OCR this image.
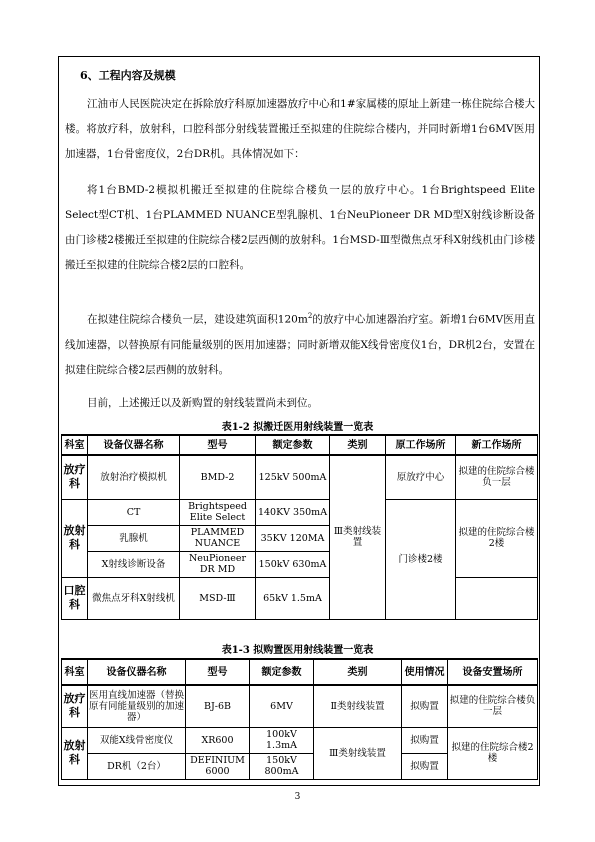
6、工程内容及规模
江油市人民医院决定在拆除放疗科原加速器放疗中心和1#家属楼的原址上新建一栋住院综合楼大楼。将放疗科，放射科，口腔科部分射线装置搬迁至拟建的住院综合楼内，并同时新增1台6MV医用加速器，1台骨密度仪，2台DR机。具体情况如下：
将1台BMD-2模拟机搬迁至拟建的住院综合楼负一层的放疗中心。1台Brightspeed Elite Select型CT机、1台PLAMMED NUANCE型乳腺机、1台NeuPioneer DR MD型X射线诊断设备由门诊楼2楼搬迁至拟建的住院综合楼2层西侧的放射科。1台MSD-Ⅲ型微焦点牙科X射线机由门诊楼搬迁至拟建的住院综合楼2层的口腔科。
在拟建住院综合楼负一层，建设建筑面积$120m^2$的放疗中心加速器治疗室。新增1台6MV医用直线加速器，以替换原有同能量级别的医用加速器；同时新增双能X线骨密度仪1台，DR机2台，安置在拟建住院综合楼2层西侧的放射科。
目前，上述搬迁以及新购置的射线装置尚未到位。
表1-2 拟搬迁医用射线装置一览表
科室	设备仪器名称	型号	额定参数	类别	原工作场所	新工作场所
放疗科	放射治疗模拟机	BMD-2	125kV 500mA	Ⅲ类射线装置	原放疗中心	拟建的住院综合楼负一层
放射科	CT	Brightspeed Elite Select	140KV 350mA		门诊楼2楼	拟建的住院综合楼2楼
	乳腺机	PLAMMED NUANCE	35KV 120MA			
	X射线诊断设备	NeuPioneer DR MD	150kV 630mA			
口腔科	微焦点牙科X射线机	MSD-Ⅲ	65kV 1.5mA			
表1-3 拟购置医用射线装置一览表
科室	设备仪器名称	型号	额定参数	类别	使用情况	设备安置场所
放疗科	医用直线加速器（替换原有同能量级别的加速器）	BJ-6B	6MV	Ⅱ类射线装置	拟购置	拟建的住院综合楼负一层
放射科	双能X线骨密度仪	XR600	100kV 1.3mA	Ⅲ类射线装置	拟购置	拟建的住院综合楼2楼
	DR机（2台）	DEFINIUM 6000	150kV 800mA		拟购置	
3
